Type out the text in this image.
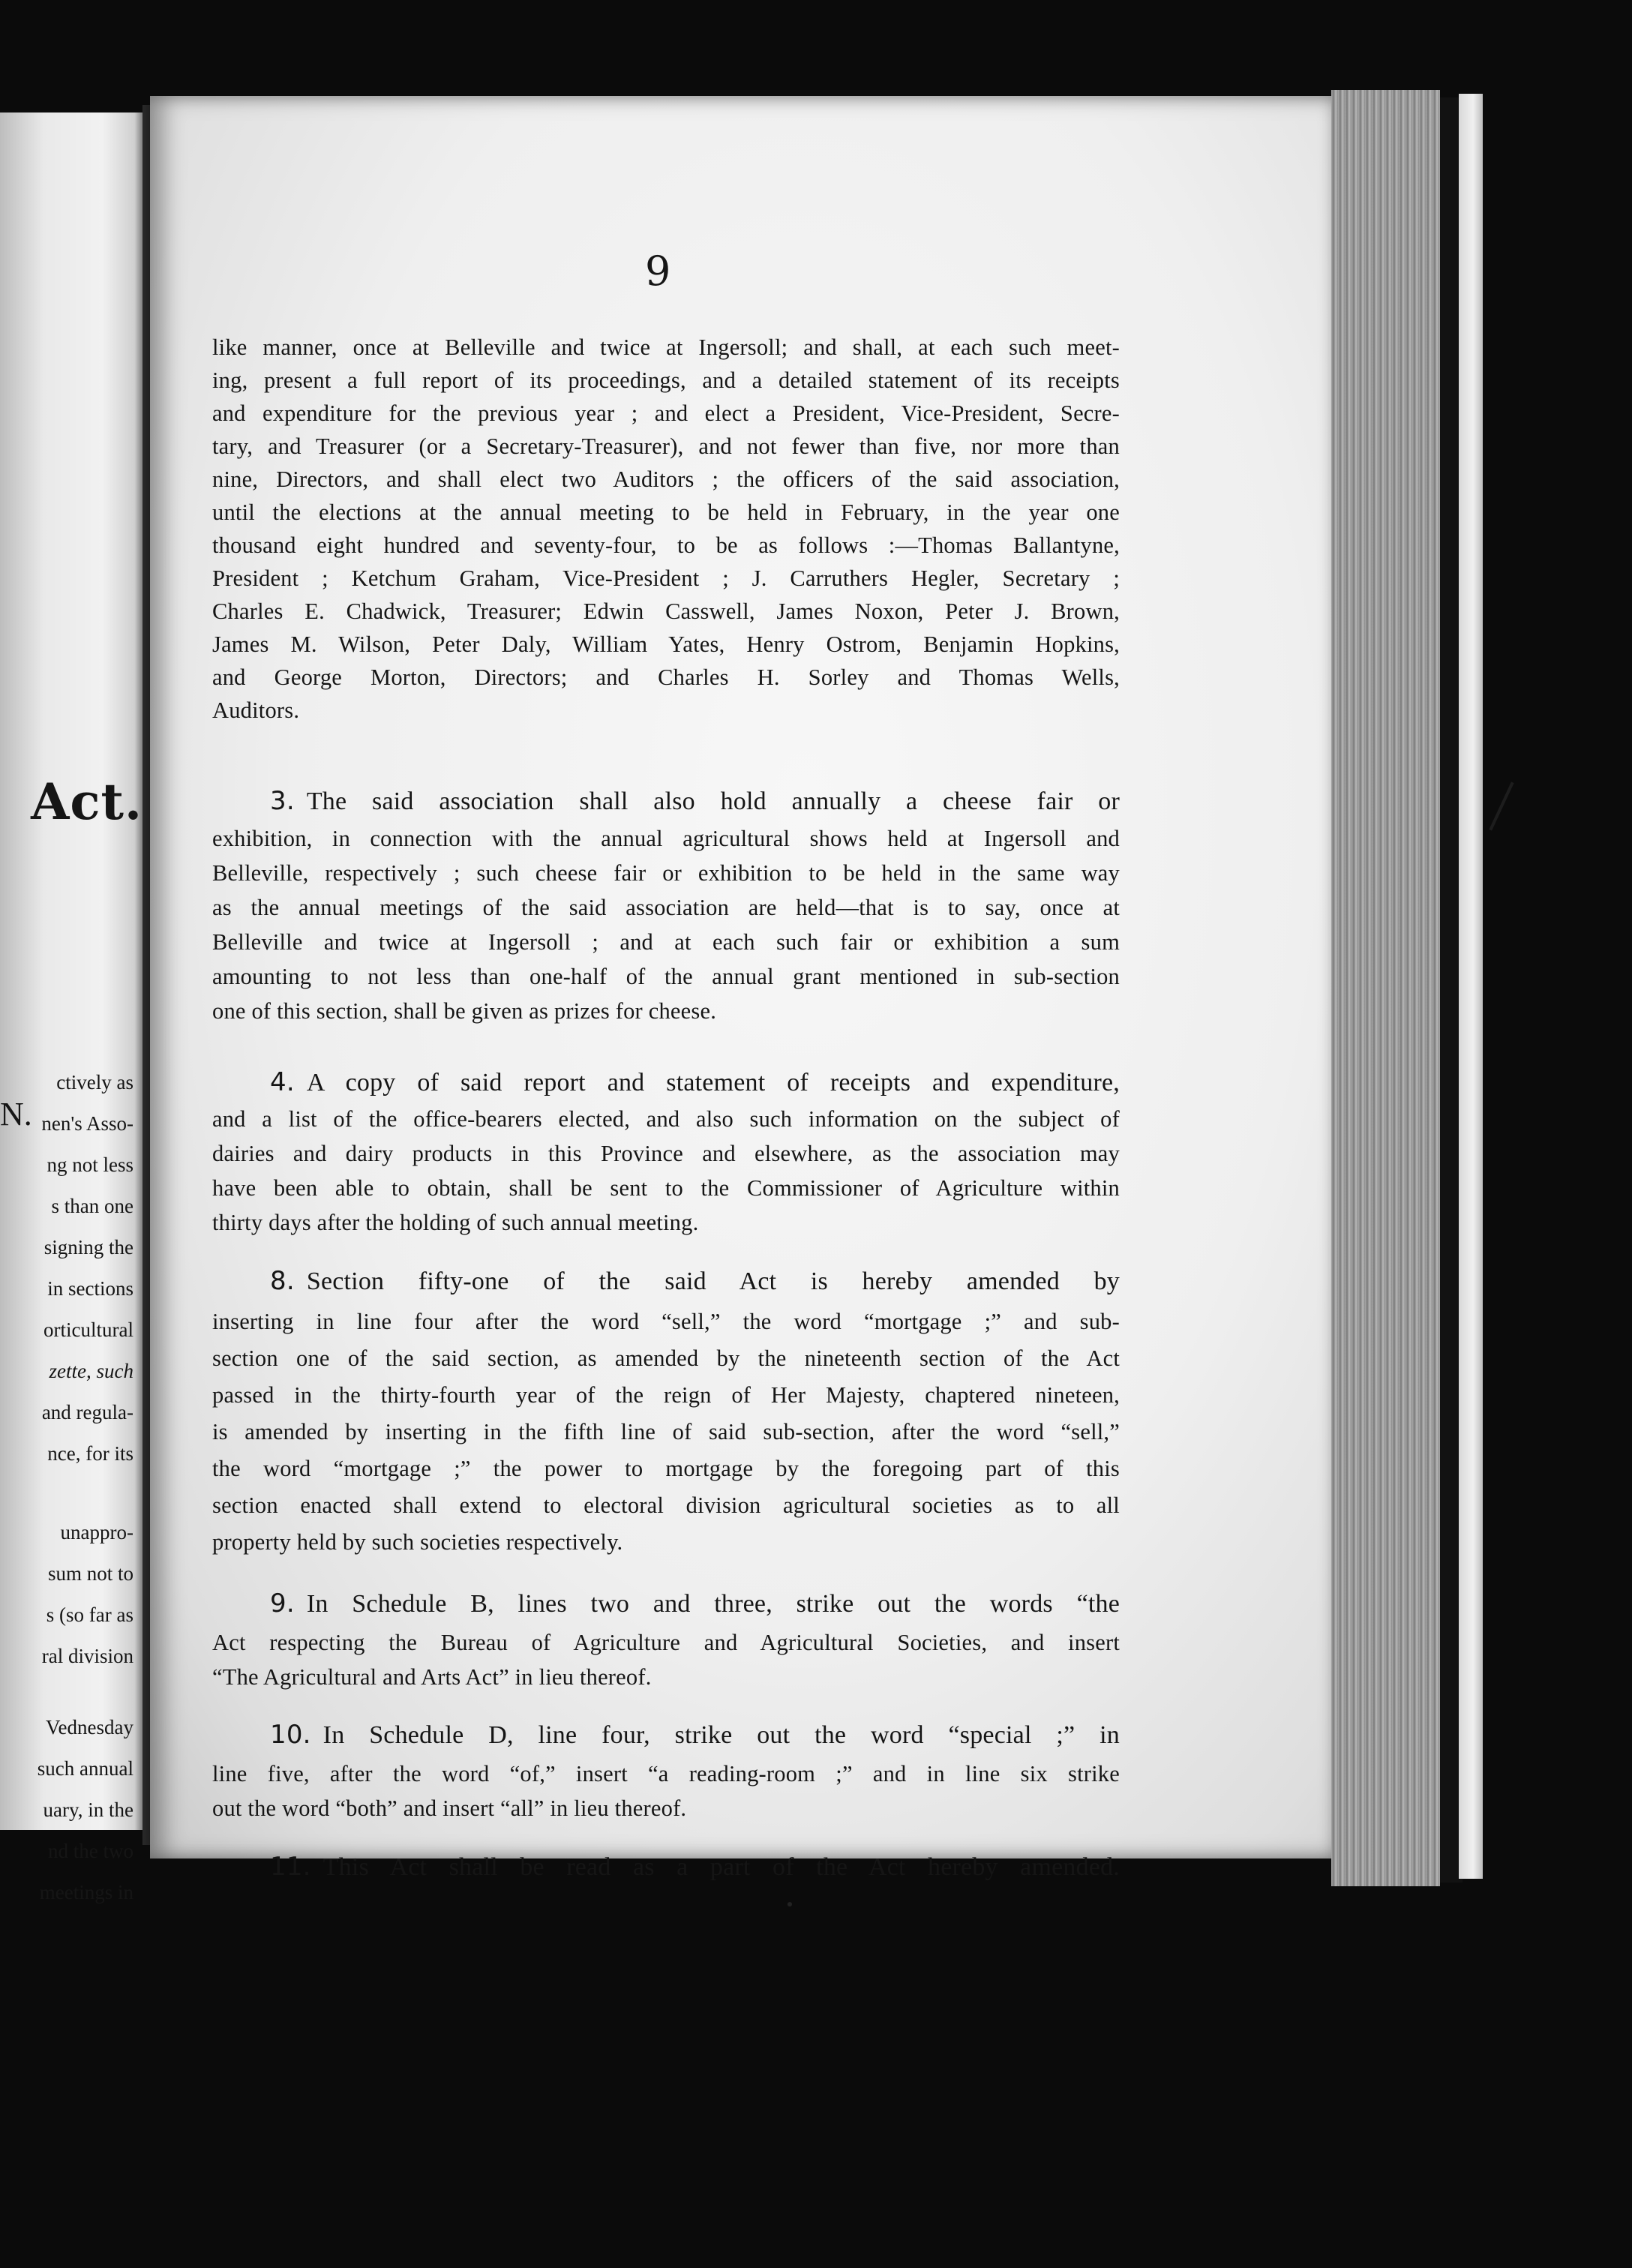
Act.
N.
ctively as
nen's Asso-
ng not less
s than one
signing the
in sections
orticultural
zette, such
and regula-
nce, for its
unappro-
sum not to
s (so far as
ral division
Vednesday
such annual
uary, in the
nd the two
meetings in
9
like manner, once at Belleville and twice at Ingersoll; and shall, at each such meet-
ing, present a full report of its proceedings, and a detailed statement of its receipts
and expenditure for the previous year ; and elect a President, Vice-President, Secre-
tary, and Treasurer (or a Secretary-Treasurer), and not fewer than five, nor more than
nine, Directors, and shall elect two Auditors ; the officers of the said association,
until the elections at the annual meeting to be held in February, in the year one
thousand eight hundred and seventy-four, to be as follows :—Thomas Ballantyne,
President ; Ketchum Graham, Vice-President ; J. Carruthers Hegler, Secretary ;
Charles E. Chadwick, Treasurer; Edwin Casswell, James Noxon, Peter J. Brown,
James M. Wilson, Peter Daly, William Yates, Henry Ostrom, Benjamin Hopkins,
and George Morton, Directors; and Charles H. Sorley and Thomas Wells,
Auditors.
3. The said association shall also hold annually a cheese fair or
exhibition, in connection with the annual agricultural shows held at Ingersoll and
Belleville, respectively ; such cheese fair or exhibition to be held in the same way
as the annual meetings of the said association are held—that is to say, once at
Belleville and twice at Ingersoll ; and at each such fair or exhibition a sum
amounting to not less than one-half of the annual grant mentioned in sub-section
one of this section, shall be given as prizes for cheese.
4. A copy of said report and statement of receipts and expenditure,
and a list of the office-bearers elected, and also such information on the subject of
dairies and dairy products in this Province and elsewhere, as the association may
have been able to obtain, shall be sent to the Commissioner of Agriculture within
thirty days after the holding of such annual meeting.
8. Section fifty-one of the said Act is hereby amended by
inserting in line four after the word “sell,” the word “mortgage ;” and sub-
section one of the said section, as amended by the nineteenth section of the Act
passed in the thirty-fourth year of the reign of Her Majesty, chaptered nineteen,
is amended by inserting in the fifth line of said sub-section, after the word “sell,”
the word “mortgage ;” the power to mortgage by the foregoing part of this
section enacted shall extend to electoral division agricultural societies as to all
property held by such societies respectively.
9. In Schedule B, lines two and three, strike out the words “the
Act respecting the Bureau of Agriculture and Agricultural Societies, and insert
“The Agricultural and Arts Act” in lieu thereof.
10. In Schedule D, line four, strike out the word “special ;” in
line five, after the word “of,” insert “a reading-room ;” and in line six strike
out the word “both” and insert “all” in lieu thereof.
11. This Act shall be read as a part of the Act hereby amended.
